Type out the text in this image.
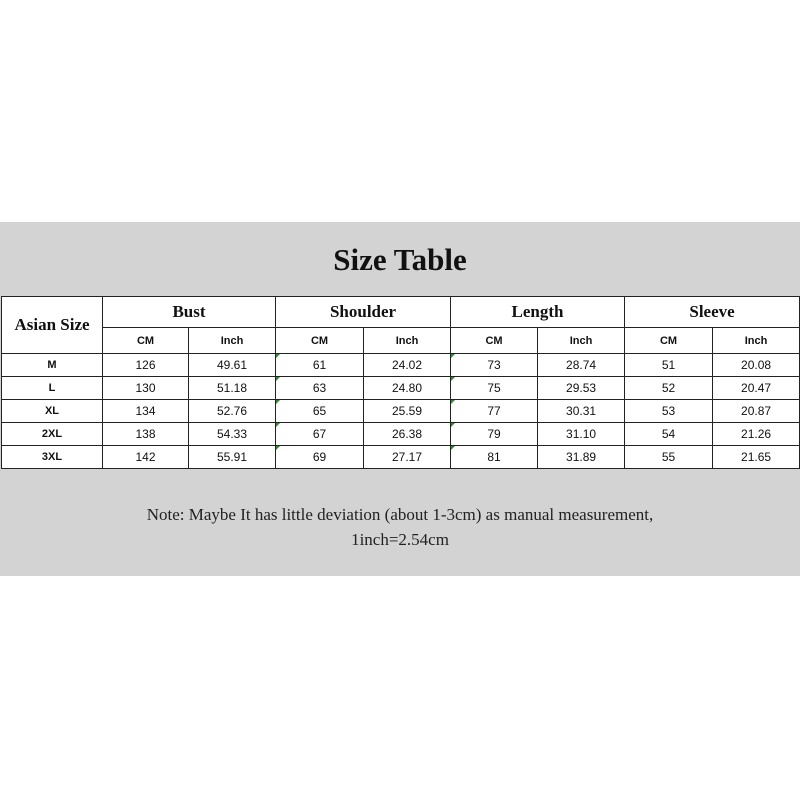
Size Table
Asian Size	Bust		Shoulder		Length		Sleeve	
	CM	Inch	CM	Inch	CM	Inch	CM	Inch
M	126	49.61	61	24.02	73	28.74	51	20.08
L	130	51.18	63	24.80	75	29.53	52	20.47
XL	134	52.76	65	25.59	77	30.31	53	20.87
2XL	138	54.33	67	26.38	79	31.10	54	21.26
3XL	142	55.91	69	27.17	81	31.89	55	21.65
Note: Maybe It has little deviation (about 1-3cm) as manual measurement,
1inch=2.54cm
